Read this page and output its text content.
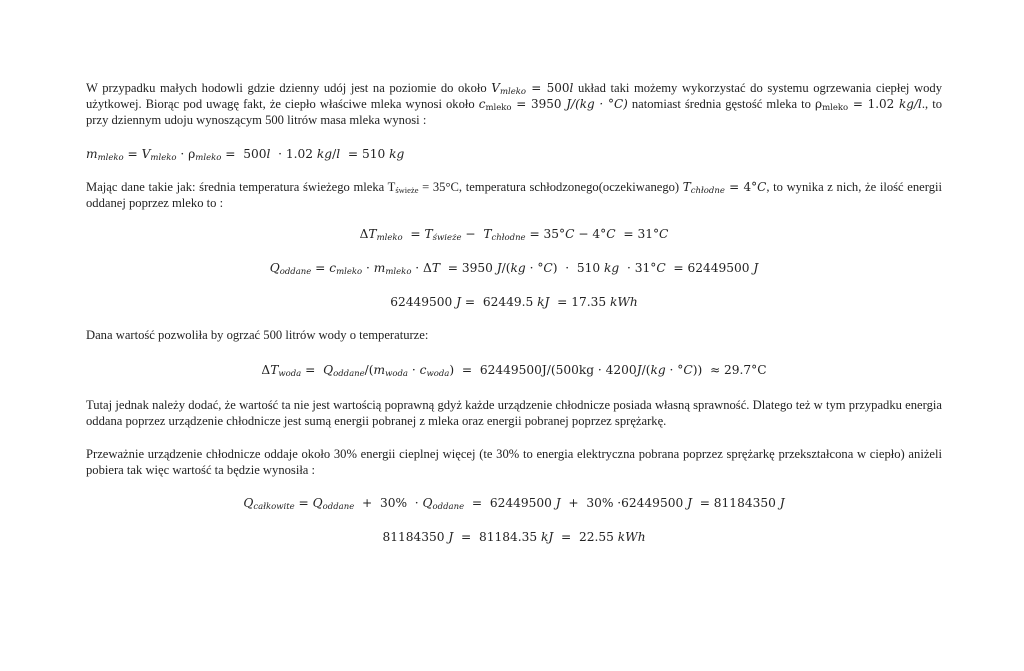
W przypadku małych hodowli gdzie dzienny udój jest na poziomie do około $V_{mleko} = 500l$ układ taki możemy wykorzystać do systemu ogrzewania ciepłej wody użytkowej. Biorąc pod uwagę fakt, że ciepło właściwe mleka wynosi około $c_{mleko} = 3950$ J/(kg · °C) natomiast średnia gęstość mleka to $\rho_{mleko} = 1.02$ kg/l., to przy dziennym udoju wynoszącym 500 litrów masa mleka wynosi :

$m_{mleko} = V_{mleko} \cdot \rho_{mleko} = 500l \cdot 1.02$ kg/l  = 510 kg

Mając dane takie jak: średnia temperatura świeżego mleka $T_{świeże} = 35^\circ C$, temperatura schłodzonego(oczekiwanego) $T_{chłodne} = 4^\circ C$, to wynika z nich, że ilość energii oddanej poprzez mleko to :

$\Delta T_{mleko} = T_{świeże} - T_{chłodne} = 35^\circ C - 4^\circ C = 31^\circ C$

$Q_{oddane} = c_{mleko} \cdot m_{mleko} \cdot \Delta T = 3950$ J/(kg · °C)  ·  510 kg  · 31°C  = 62449500 J

62449500 J =  62449.5 kJ  = 17.35 kWh

Dana wartość pozwoliła by ogrzać 500 litrów wody o temperaturze:

$\Delta T_{woda} = Q_{oddane}/(m_{woda} \cdot c_{woda}) = 62449500J/(500kg \cdot 4200J/(kg \cdot ^\circ C)) \approx 29.7^\circ C$

Tutaj jednak należy dodać, że wartość ta nie jest wartością poprawną gdyż każde urządzenie chłodnicze posiada własną sprawność. Dlatego też w tym przypadku energia oddana poprzez urządzenie chłodnicze jest sumą energii pobranej z mleka oraz energii pobranej poprzez sprężarkę.

Przeważnie urządzenie chłodnicze oddaje około 30% energii cieplnej więcej (te 30% to energia elektryczna pobrana poprzez sprężarkę przekształcona w ciepło) aniżeli pobiera tak więc wartość ta będzie wynosiła :

$Q_{całkowite} = Q_{oddane} + 30\% \cdot Q_{oddane} = 62449500$ J  +  30% ·62449500 J  = 81184350 J

81184350 J  =  81184.35 kJ  =  22.55 kWh
